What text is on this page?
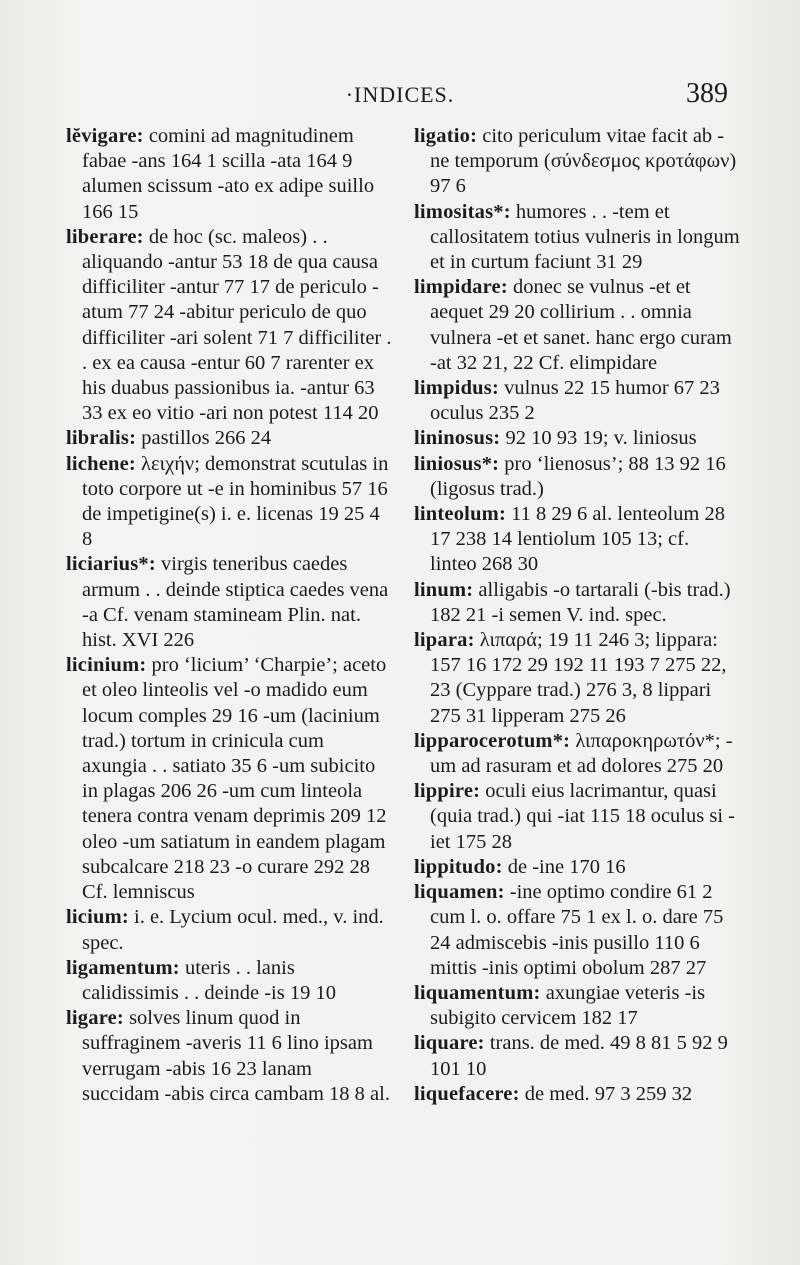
·INDICES.	389

lĕvigare: comini ad magnitudinem fabae -ans 164 1 scilla -ata 164 9 alumen scissum -ato ex adipe suillo 166 15

liberare: de hoc (sc. maleos) . . aliquando -antur 53 18 de qua causa difficiliter -antur 77 17 de periculo -atum 77 24 -abitur periculo de quo difficiliter -ari solent 71 7 difficiliter . . ex ea causa -entur 60 7 rarenter ex his duabus passionibus ia. -antur 63 33 ex eo vitio -ari non potest 114 20

libralis: pastillos 266 24

lichene: λειχήν; demonstrat scutulas in toto corpore ut -e in hominibus 57 16 de impetigine(s) i. e. licenas 19 25 4 8

liciarius*: virgis teneribus caedes armum . . deinde stiptica caedes vena -a Cf. venam stamineam Plin. nat. hist. XVI 226

licinium: pro ‘licium’ ‘Charpie’; aceto et oleo linteolis vel -o madido eum locum comples 29 16 -um (lacinium trad.) tortum in crinicula cum axungia . . satiato 35 6 -um subicito in plagas 206 26 -um cum linteola tenera contra venam deprimis 209 12 oleo -um satiatum in eandem plagam subcalcare 218 23 -o curare 292 28 Cf. lemniscus

licium: i. e. Lycium ocul. med., v. ind. spec.

ligamentum: uteris . . lanis calidissimis . . deinde -is 19 10

ligare: solves linum quod in suffraginem -averis 11 6 lino ipsam verrugam -abis 16 23 lanam succidam -abis circa cambam 18 8 al.

ligatio: cito periculum vitae facit ab -ne temporum (σύνδεσμος κροτάφων) 97 6

limositas*: humores . . -tem et callositatem totius vulneris in longum et in curtum faciunt 31 29

limpidare: donec se vulnus -et et aequet 29 20 collirium . . omnia vulnera -et et sanet. hanc ergo curam -at 32 21, 22 Cf. elimpidare

limpidus: vulnus 22 15 humor 67 23 oculus 235 2

lininosus: 92 10 93 19; v. liniosus

liniosus*: pro ‘lienosus’; 88 13 92 16 (ligosus trad.)

linteolum: 11 8 29 6 al. lenteolum 28 17 238 14 lentiolum 105 13; cf. linteo 268 30

linum: alligabis -o tartarali (-bis trad.) 182 21 -i semen V. ind. spec.

lipara: λιπαρά; 19 11 246 3; lippara: 157 16 172 29 192 11 193 7 275 22, 23 (Cyppare trad.) 276 3, 8 lippari 275 31 lipperam 275 26

lipparocerotum*: λιπαροκηρωτόν*; -um ad rasuram et ad dolores 275 20

lippire: oculi eius lacrimantur, quasi (quia trad.) qui -iat 115 18 oculus si -iet 175 28

lippitudo: de -ine 170 16

liquamen: -ine optimo condire 61 2 cum l. o. offare 75 1 ex l. o. dare 75 24 admiscebis -inis pusillo 110 6 mittis -inis optimi obolum 287 27

liquamentum: axungiae veteris -is subigito cervicem 182 17

liquare: trans. de med. 49 8 81 5 92 9 101 10

liquefacere: de med. 97 3 259 32
